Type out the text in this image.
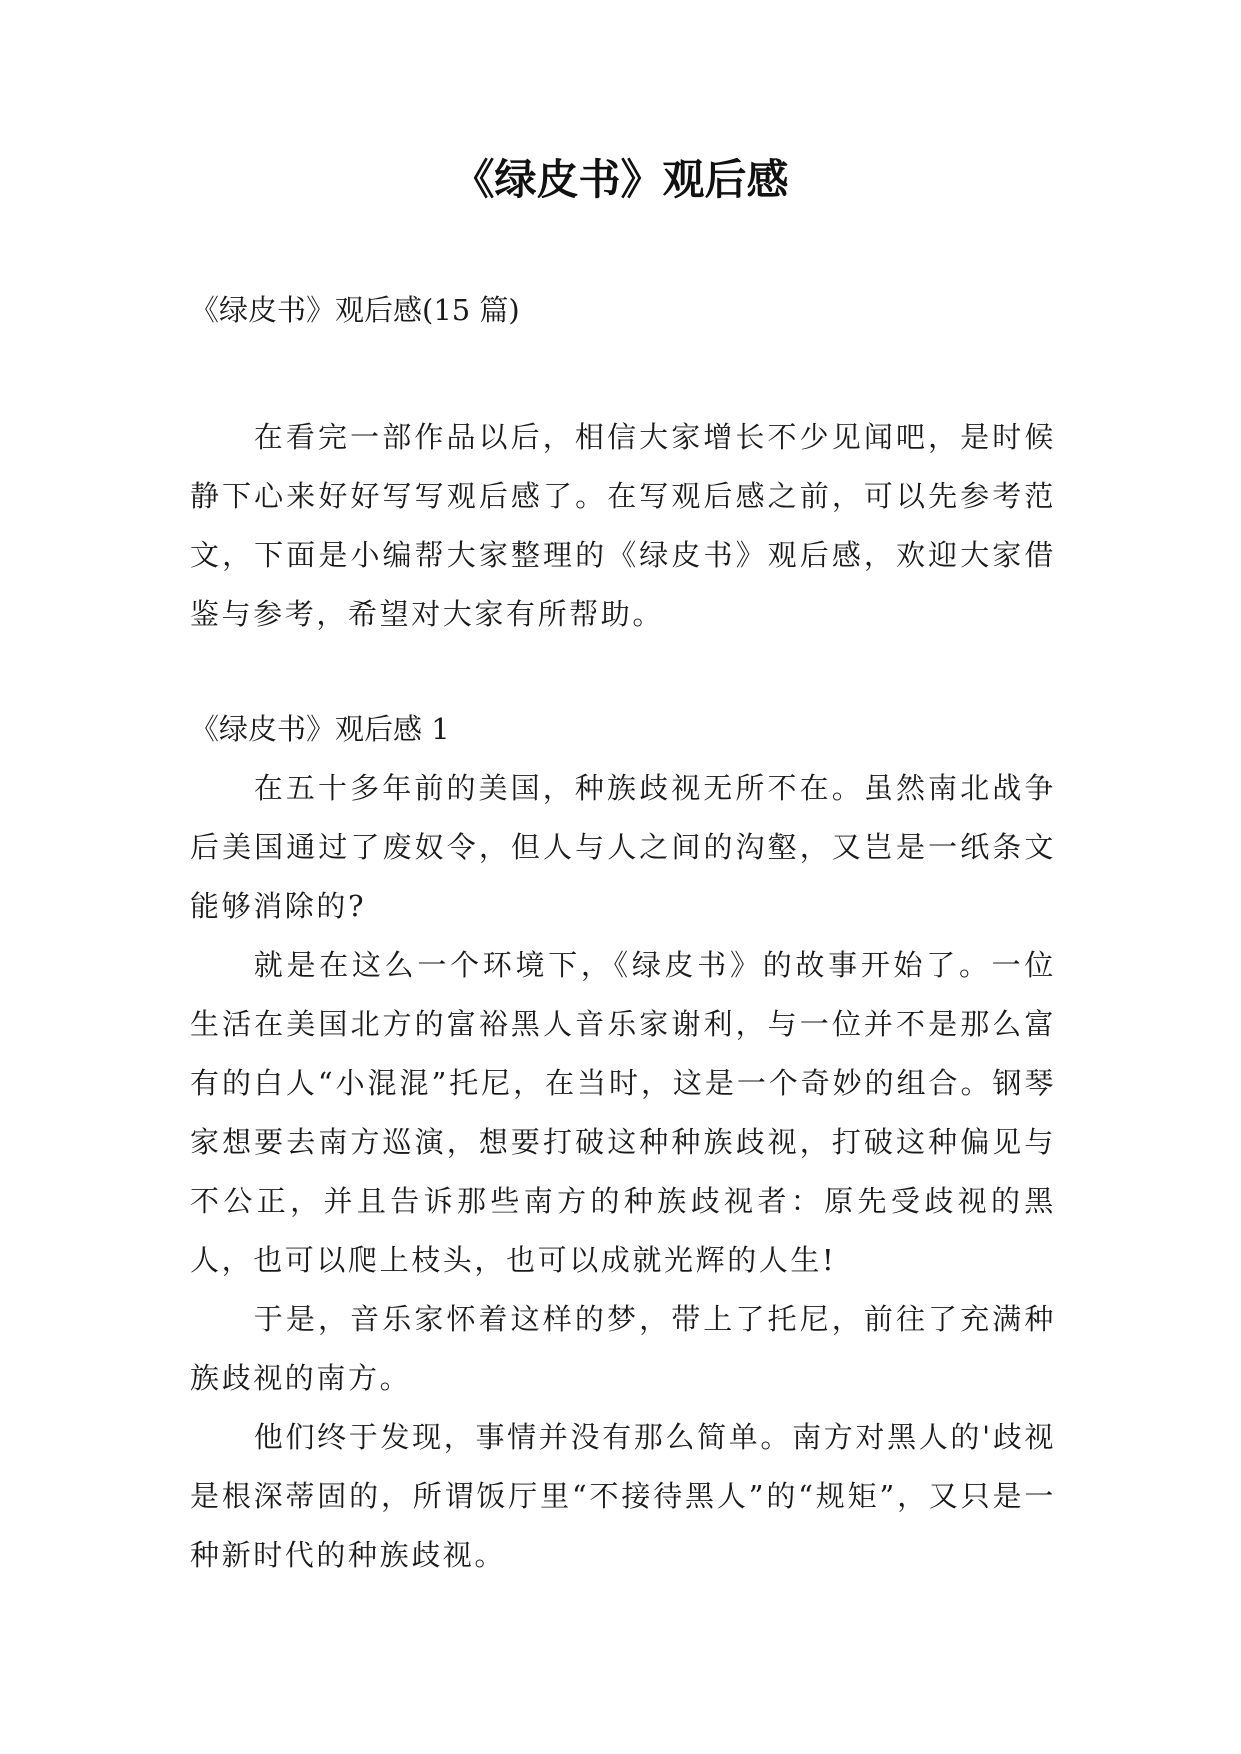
《绿皮书》观后感

《绿皮书》观后感(15 篇)

在看完一部作品以后，相信大家增长不少见闻吧，是时候静下心来好好写写观后感了。在写观后感之前，可以先参考范文，下面是小编帮大家整理的《绿皮书》观后感，欢迎大家借鉴与参考，希望对大家有所帮助。

《绿皮书》观后感 1

在五十多年前的美国，种族歧视无所不在。虽然南北战争后美国通过了废奴令，但人与人之间的沟壑，又岂是一纸条文能够消除的?

就是在这么一个环境下，《绿皮书》的故事开始了。一位生活在美国北方的富裕黑人音乐家谢利，与一位并不是那么富有的白人“小混混”托尼，在当时，这是一个奇妙的组合。钢琴家想要去南方巡演，想要打破这种种族歧视，打破这种偏见与不公正，并且告诉那些南方的种族歧视者：原先受歧视的黑人，也可以爬上枝头，也可以成就光辉的人生!

于是，音乐家怀着这样的梦，带上了托尼，前往了充满种族歧视的南方。

他们终于发现，事情并没有那么简单。南方对黑人的'歧视是根深蒂固的，所谓饭厅里“不接待黑人”的“规矩”，又只是一种新时代的种族歧视。
